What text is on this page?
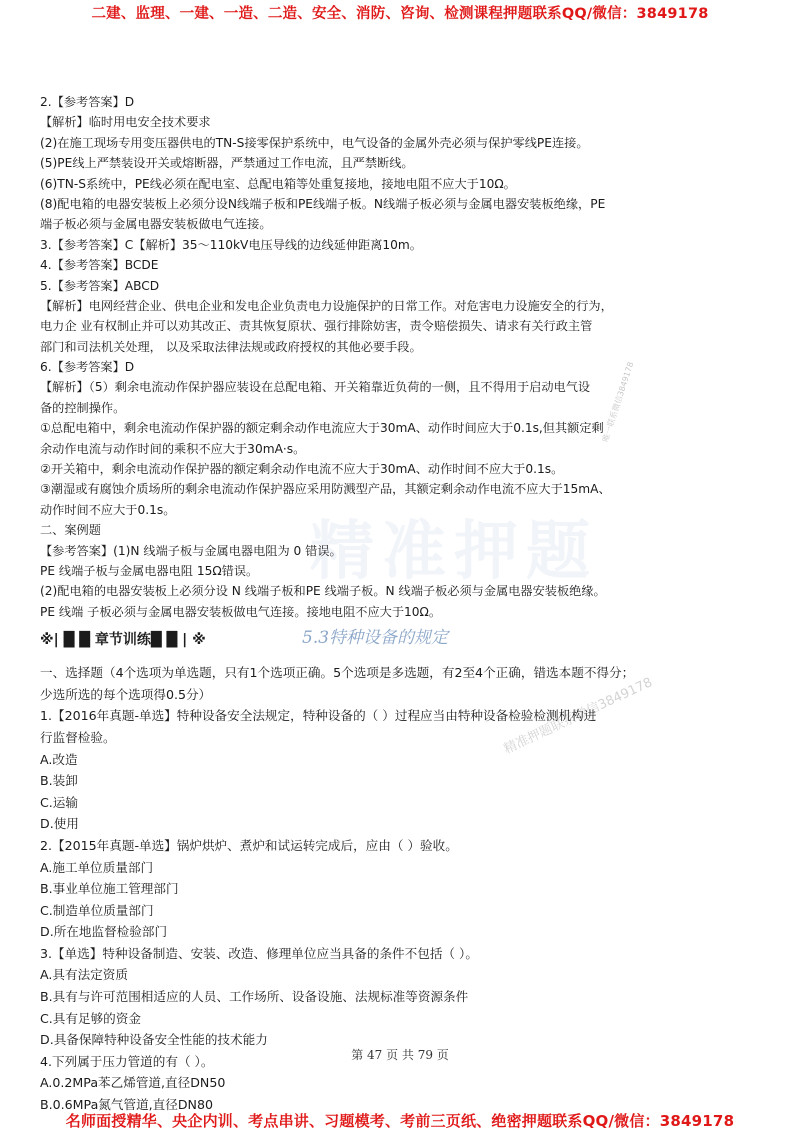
二建、监理、一建、一造、二造、安全、消防、咨询、检测课程押题联系QQ/微信：3849178
精准押题
唯一联系微信3849178
精准押题联系微信3849178
2.【参考答案】D
【解析】临时用电安全技术要求
(2)在施工现场专用变压器供电的TN-S接零保护系统中，电气设备的金属外壳必须与保护零线PE连接。
(5)PE线上严禁装设开关或熔断器，严禁通过工作电流，且严禁断线。
(6)TN-S系统中，PE线必须在配电室、总配电箱等处重复接地，接地电阻不应大于10Ω。
(8)配电箱的电器安装板上必须分设N线端子板和PE线端子板。N线端子板必须与金属电器安装板绝缘，PE
端子板必须与金属电器安装板做电气连接。
3.【参考答案】C【解析】35～110kV电压导线的边线延伸距离10m。
4.【参考答案】BCDE
5.【参考答案】ABCD
【解析】电网经营企业、供电企业和发电企业负责电力设施保护的日常工作。对危害电力设施安全的行为，
电力企 业有权制止并可以劝其改正、责其恢复原状、强行排除妨害，责令赔偿损失、请求有关行政主管
部门和司法机关处理， 以及采取法律法规或政府授权的其他必要手段。
6.【参考答案】D
【解析】（5）剩余电流动作保护器应装设在总配电箱、开关箱靠近负荷的一侧，且不得用于启动电气设
备的控制操作。
①总配电箱中，剩余电流动作保护器的额定剩余动作电流应大于30mA、动作时间应大于0.1s,但其额定剩
余动作电流与动作时间的乘积不应大于30mA·s。
②开关箱中，剩余电流动作保护器的额定剩余动作电流不应大于30mA、动作时间不应大于0.1s。
③潮湿或有腐蚀介质场所的剩余电流动作保护器应采用防溅型产品，其额定剩余动作电流不应大于15mA、
动作时间不应大于0.1s。
二、案例题
【参考答案】(1)N 线端子板与金属电器电阻为 0 错误。
PE 线端子板与金属电器电阻 15Ω错误。
(2)配电箱的电器安装板上必须分设 N 线端子板和PE 线端子板。N 线端子板必须与金属电器安装板绝缘。
PE 线端 子板必须与金属电器安装板做电气连接。接地电阻不应大于10Ω。
※| █ █ 章节训练█ █ | ※	5.3特种设备的规定
一、选择题（4个选项为单选题，只有1个选项正确。5个选项是多选题，有2至4个正确，错选本题不得分；
少选所选的每个选项得0.5分）
1.【2016年真题-单选】特种设备安全法规定，特种设备的（ ）过程应当由特种设备检验检测机构进
行监督检验。
A.改造
B.装卸
C.运输
D.使用
2.【2015年真题-单选】锅炉烘炉、煮炉和试运转完成后，应由（ ）验收。
A.施工单位质量部门
B.事业单位施工管理部门
C.制造单位质量部门
D.所在地监督检验部门
3.【单选】特种设备制造、安装、改造、修理单位应当具备的条件不包括（ ）。
A.具有法定资质
B.具有与许可范围相适应的人员、工作场所、设备设施、法规标准等资源条件
C.具有足够的资金
D.具备保障特种设备安全性能的技术能力
4.下列属于压力管道的有（ ）。
A.0.2MPa苯乙烯管道,直径DN50
B.0.6MPa氮气管道,直径DN80
第 47 页 共 79 页
名师面授精华、央企内训、考点串讲、习题模考、考前三页纸、绝密押题联系QQ/微信：3849178
